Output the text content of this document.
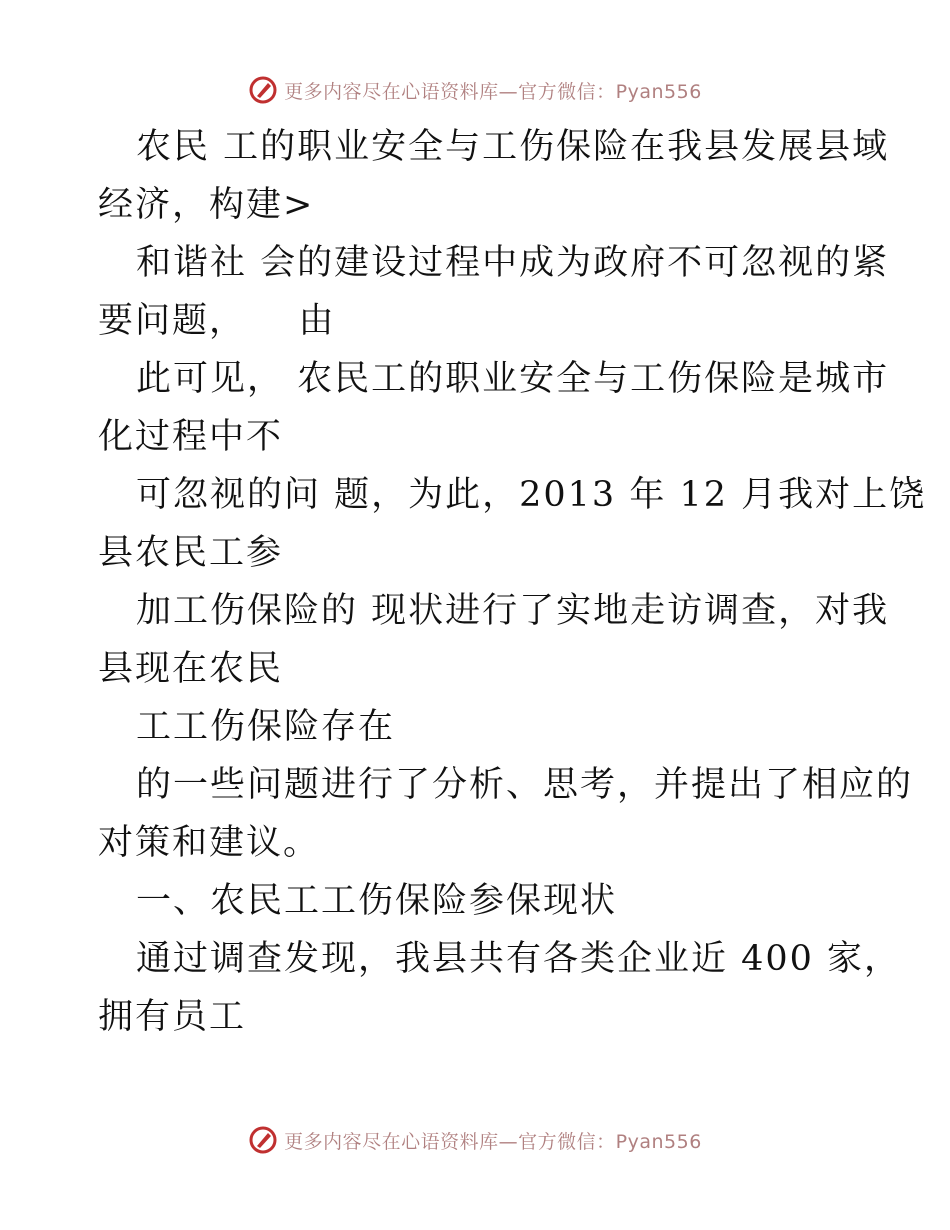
更多内容尽在心语资料库—官方微信：Pyan556
农民 工的职业安全与工伤保险在我县发展县域
经济，构建>
和谐社 会的建设过程中成为政府不可忽视的紧
要问题，    由
此可见， 农民工的职业安全与工伤保险是城市
化过程中不
可忽视的问 题，为此，2013 年 12 月我对上饶
县农民工参
加工伤保险的 现状进行了实地走访调查，对我
县现在农民
工工伤保险存在
的一些问题进行了分析、思考，并提出了相应的
对策和建议。
一、农民工工伤保险参保现状
通过调查发现，我县共有各类企业近 400 家，
拥有员工
更多内容尽在心语资料库—官方微信：Pyan556
